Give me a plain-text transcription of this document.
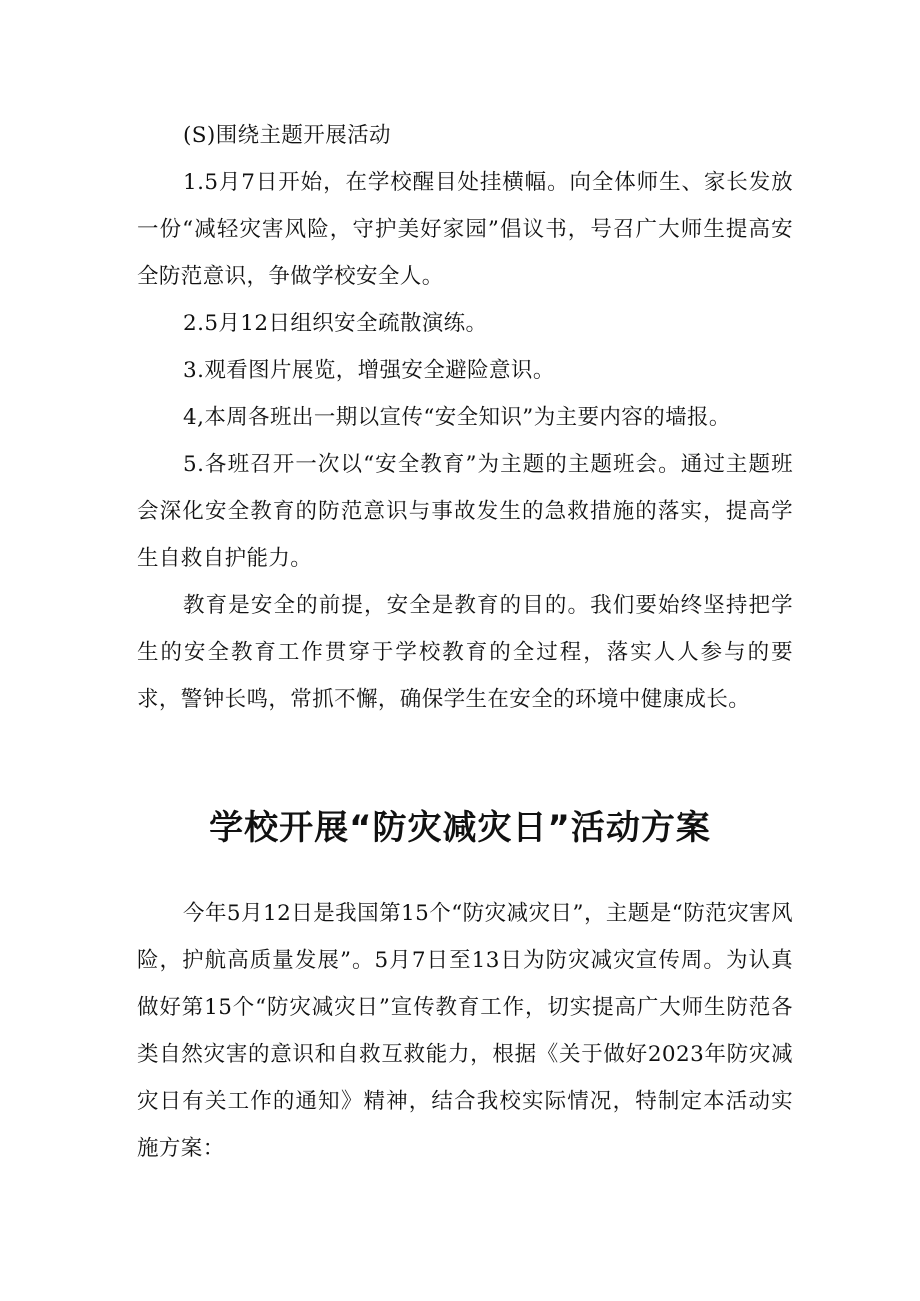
(S)围绕主题开展活动

1.5月7日开始，在学校醒目处挂横幅。向全体师生、家长发放一份“减轻灾害风险，守护美好家园”倡议书，号召广大师生提高安全防范意识，争做学校安全人。

2.5月12日组织安全疏散演练。

3.观看图片展览，增强安全避险意识。

4,本周各班出一期以宣传“安全知识”为主要内容的墙报。

5.各班召开一次以“安全教育”为主题的主题班会。通过主题班会深化安全教育的防范意识与事故发生的急救措施的落实，提高学生自救自护能力。

教育是安全的前提，安全是教育的目的。我们要始终坚持把学生的安全教育工作贯穿于学校教育的全过程，落实人人参与的要求，警钟长鸣，常抓不懈，确保学生在安全的环境中健康成长。

学校开展“防灾减灾日”活动方案

今年5月12日是我国第15个“防灾减灾日”，主题是“防范灾害风险，护航高质量发展”。5月7日至13日为防灾减灾宣传周。为认真做好第15个“防灾减灾日”宣传教育工作，切实提高广大师生防范各类自然灾害的意识和自救互救能力，根据《关于做好2023年防灾减灾日有关工作的通知》精神，结合我校实际情况，特制定本活动实施方案：
